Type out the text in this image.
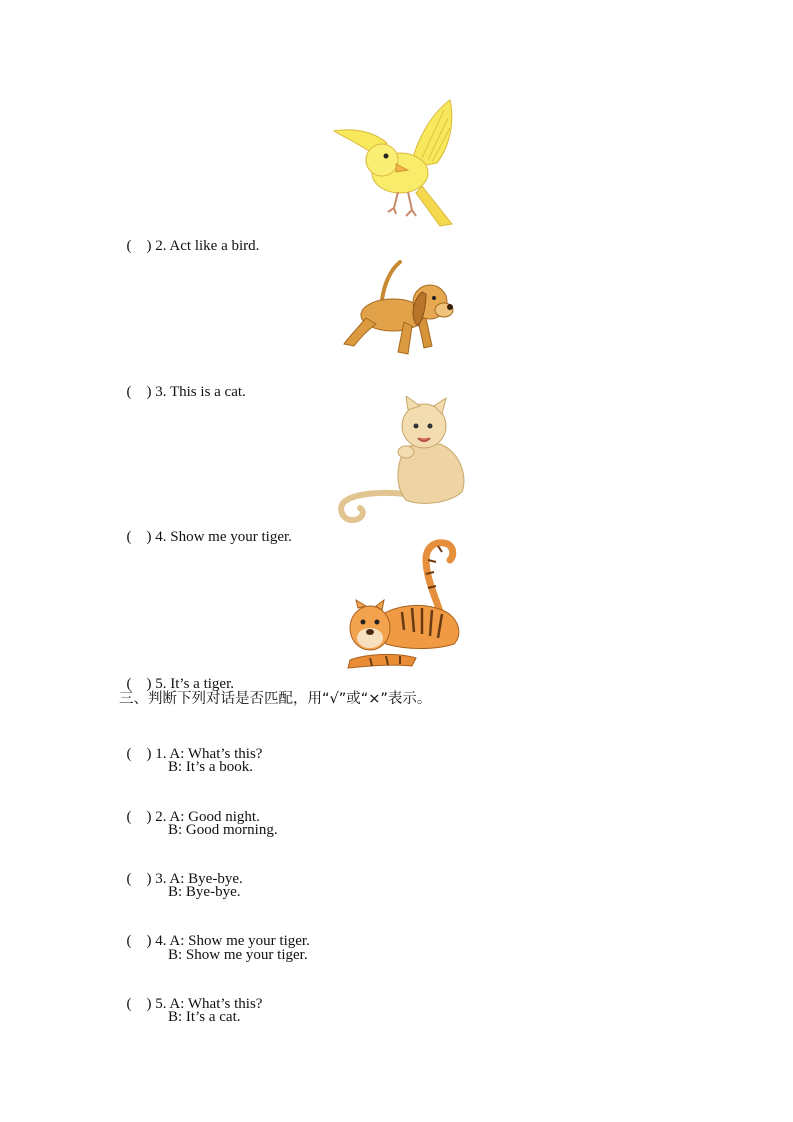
(    ) 2. Act like a bird.

(    ) 3. This is a cat.

(    ) 4. Show me your tiger.

(    ) 5. It’s a tiger.

三、判断下列对话是否匹配，用“√”或“×”表示。

(    ) 1. A: What’s this?

B: It’s a book.

(    ) 2. A: Good night.

B: Good morning.

(    ) 3. A: Bye-bye.

B: Bye-bye.

(    ) 4. A: Show me your tiger.

B: Show me your tiger.

(    ) 5. A: What’s this?

B: It’s a cat.
